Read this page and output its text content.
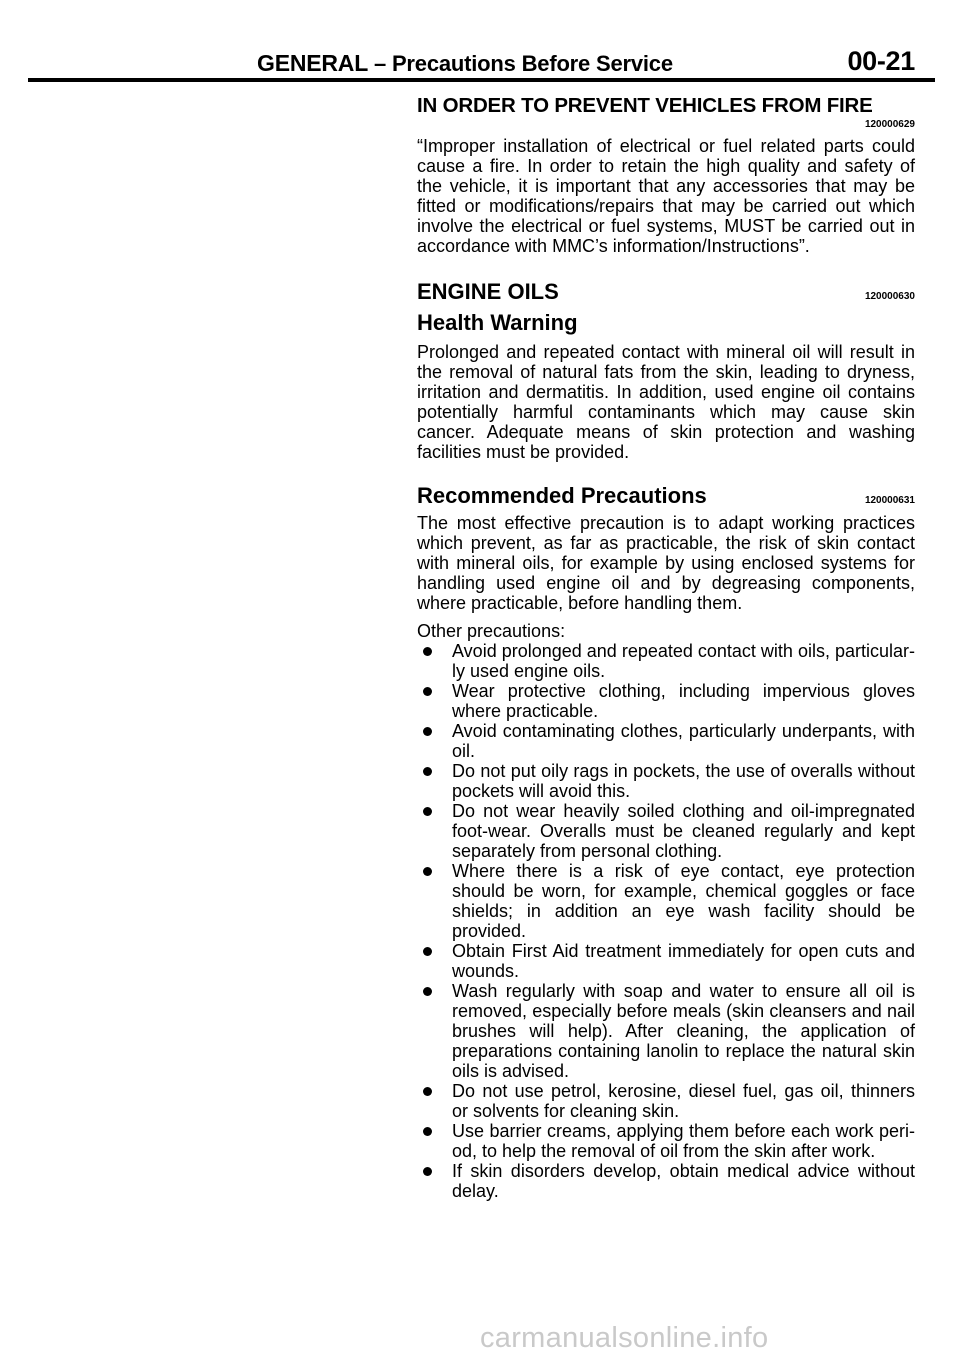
GENERAL – Precautions Before Service	00-21
IN ORDER TO PREVENT VEHICLES FROM FIRE
120000629
“Improper installation of electrical or fuel related parts could cause a fire. In order to retain the high quality and safety of the vehicle, it is important that any accessories that may be fitted or modifications/repairs that may be carried out which involve the electrical or fuel systems, MUST be carried out in accordance with MMC’s information/Instructions”.
ENGINE OILS	120000630
Health Warning
Prolonged and repeated contact with mineral oil will result in the removal of natural fats from the skin, leading to dryness, irritation and dermatitis. In addition, used engine oil contains potentially harmful contaminants which may cause skin cancer. Adequate means of skin protection and washing facilities must be provided.
Recommended Precautions	120000631
The most effective precaution is to adapt working practices which prevent, as far as practicable, the risk of skin contact with mineral oils, for example by using enclosed systems for handling used engine oil and by degreasing components, where practicable, before handling them.
Other precautions:
Avoid prolonged and repeated contact with oils, particular-ly used engine oils.
Wear protective clothing, including impervious gloves where practicable.
Avoid contaminating clothes, particularly underpants, with oil.
Do not put oily rags in pockets, the use of overalls without pockets will avoid this.
Do not wear heavily soiled clothing and oil-impregnated foot-wear. Overalls must be cleaned regularly and kept separately from personal clothing.
Where there is a risk of eye contact, eye protection should be worn, for example, chemical goggles or face shields; in addition an eye wash facility should be provided.
Obtain First Aid treatment immediately for open cuts and wounds.
Wash regularly with soap and water to ensure all oil is removed, especially before meals (skin cleansers and nail brushes will help). After cleaning, the application of preparations containing lanolin to replace the natural skin oils is advised.
Do not use petrol, kerosine, diesel fuel, gas oil, thinners or solvents for cleaning skin.
Use barrier creams, applying them before each work peri-od, to help the removal of oil from the skin after work.
If skin disorders develop, obtain medical advice without delay.
carmanualsonline.info
